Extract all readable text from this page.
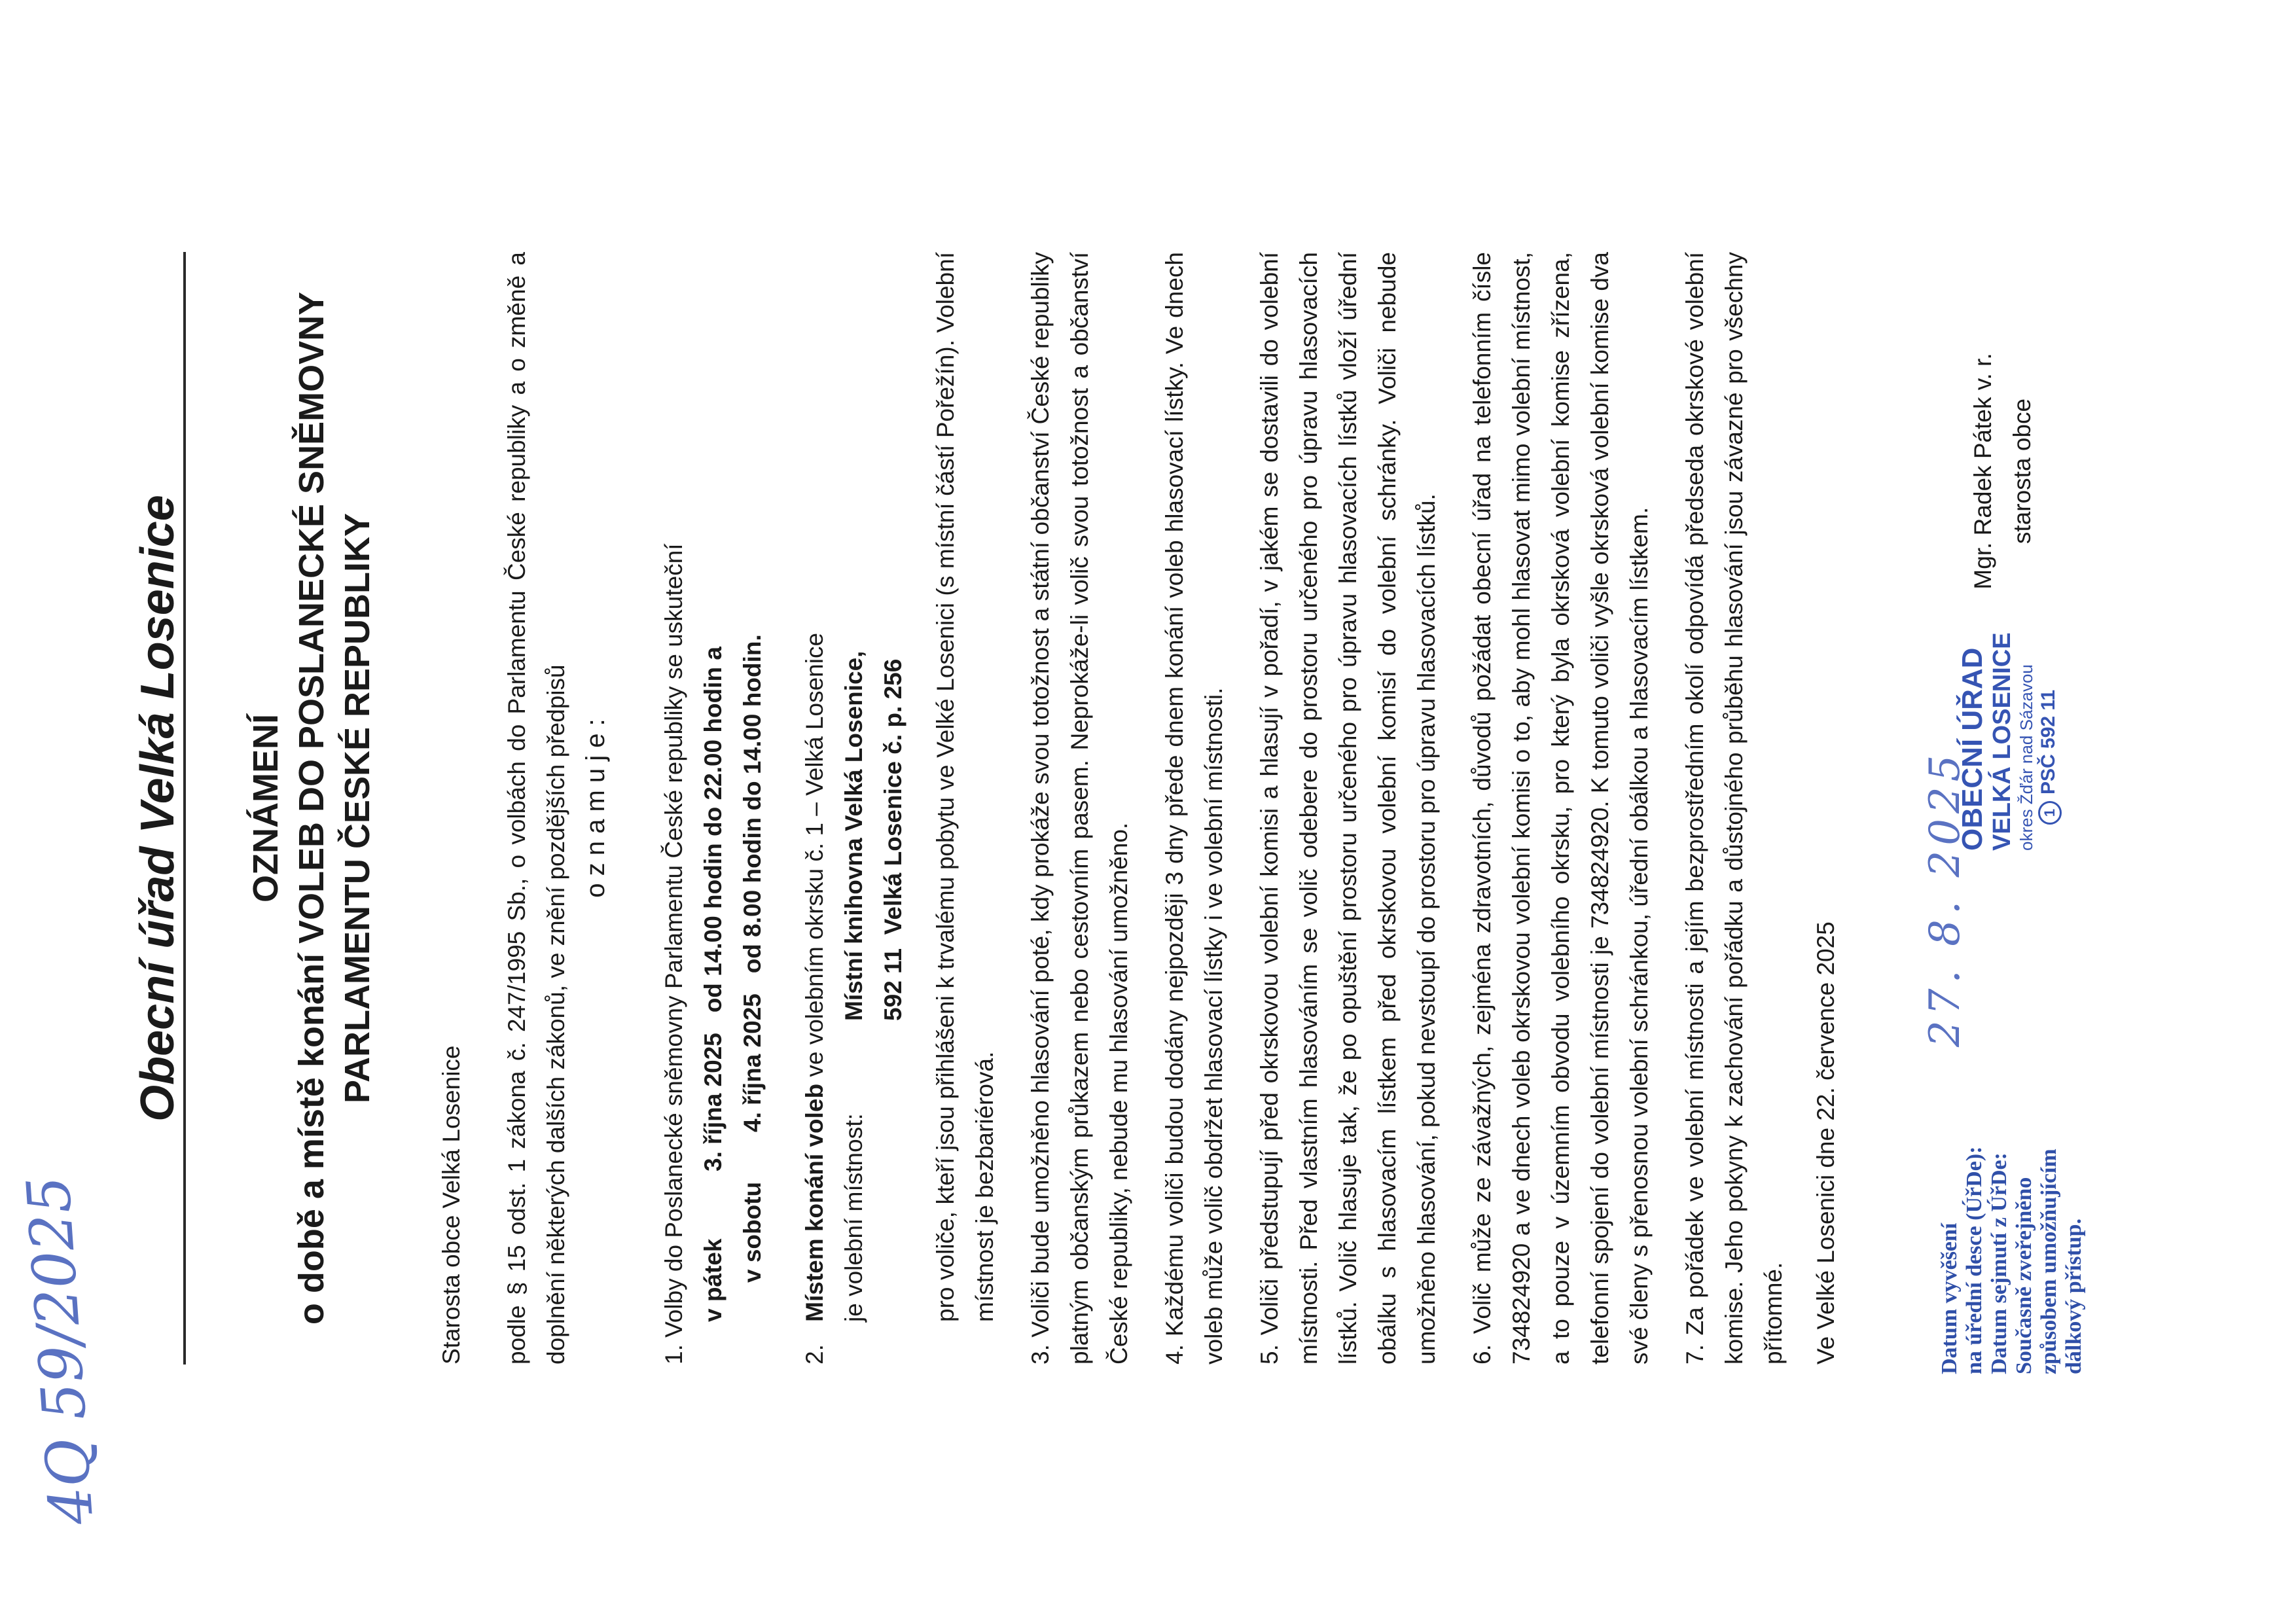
4Q 59/2025
Obecní úřad Velká Losenice OZNÁMENÍ o době a místě konání VOLEB DO POSLANECKÉ SNĚMOVNY PARLAMENTU ČESKÉ REPUBLIKY
Starosta obce Velká Losenice podle § 15 odst. 1 zákona č. 247/1995 Sb., o volbách do Parlamentu České republiky a o změně a doplnění některých dalších zákonů, ve znění pozdějších předpisů o z n a m u j e : 1. Volby do Poslanecké sněmovny Parlamentu České republiky se uskuteční v pátek3. října 2025   od 14.00 hodin do 22.00 hodin a
v sobotu4. října 2025   od 8.00 hodin do 14.00 hodin.
2. Místem konání voleb ve volebním okrsku č. 1 – Velká Losenice
je volební místnost:Místní knihovna Velká Losenice, 592 11  Velká Losenice č. p. 256 pro voliče, kteří jsou přihlášeni k trvalému pobytu ve Velké Losenici (s místní částí Pořežín). Volební místnost je bezbariérová. 3. Voliči bude umožněno hlasování poté, kdy prokáže svou totožnost a státní občanství České republiky platným občanským průkazem nebo cestovním pasem. Neprokáže-li volič svou totožnost a občanství České republiky, nebude mu hlasování umožněno. 4. Každému voliči budou dodány nejpozději 3 dny přede dnem konání voleb hlasovací lístky. Ve dnech voleb může volič obdržet hlasovací lístky i ve volební místnosti. 5. Voliči předstupují před okrskovou volební komisi a hlasují v pořadí, v jakém se dostavili do volební místnosti. Před vlastním hlasováním se volič odebere do prostoru určeného pro úpravu hlasovacích lístků. Volič hlasuje tak, že po opuštění prostoru určeného pro úpravu hlasovacích lístků vloží úřední obálku s hlasovacím lístkem před okrskovou volební komisí do volební schránky. Voliči nebude umožněno hlasování, pokud nevstoupí do prostoru pro úpravu hlasovacích lístků. 6. Volič může ze závažných, zejména zdravotních, důvodů požádat obecní úřad na telefonním čísle 734824920 a ve dnech voleb okrskovou volební komisi o to, aby mohl hlasovat mimo volební místnost, a to pouze v územním obvodu volebního okrsku, pro který byla okrsková volební komise zřízena, telefonní spojení do volební místnosti je 734824920. K tomuto voliči vyšle okrsková volební komise dva své členy s přenosnou volební schránkou, úřední obálkou a hlasovacím lístkem. 7. Za pořádek ve volební místnosti a jejím bezprostředním okolí odpovídá předseda okrskové volební komise. Jeho pokyny k zachování pořádku a důstojného průběhu hlasování jsou závazné pro všechny přítomné. Ve Velké Losenici dne 22. července 2025
Mgr. Radek Pátek v. r. starosta obce
Datum vyvěšení na úřední desce (ÚřDe): Datum sejmutí z ÚřDe: Současně zveřejněno způsobem umožňujícím dálkový přístup.
27. 8. 2025
OBECNÍ ÚŘAD VELKÁ LOSENICE okres Žďár nad Sázavou 1PSČ 592 11
